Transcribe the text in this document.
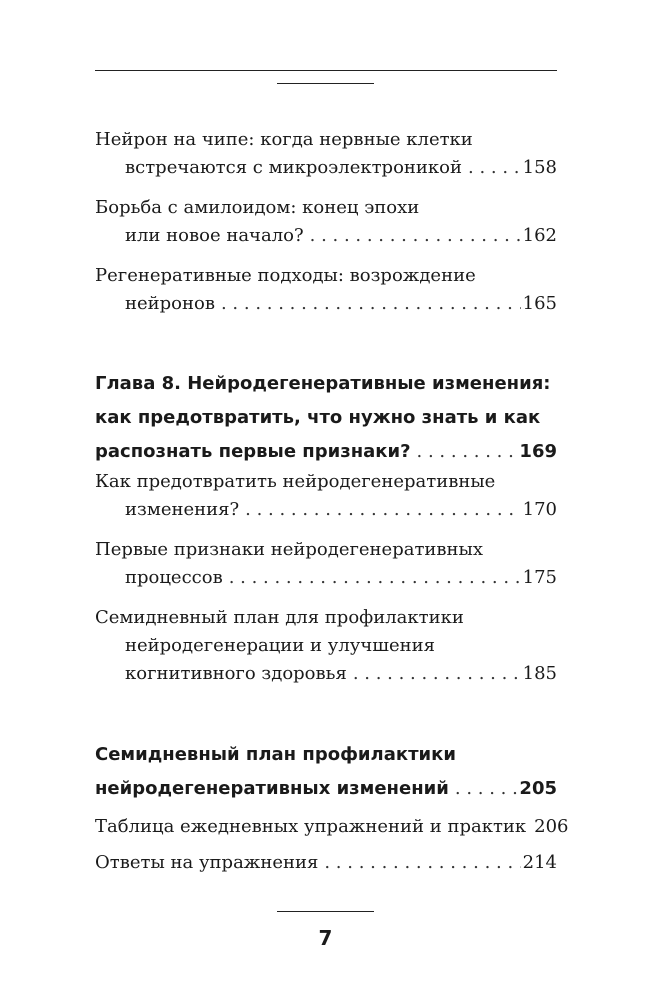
Нейрон на чипе: когда нервные клетки
встречаются с микроэлектроникой . . .	158
Борьба с амилоидом: конец эпохи
или новое начало? . . .	162
Регенеративные подходы: возрождение
нейронов . . .	165
Глава 8. Нейродегенеративные изменения:
как предотвратить, что нужно знать и как
распознать первые признаки? . . .	169
Как предотвратить нейродегенеративные
изменения? . . .	170
Первые признаки нейродегенеративных
процессов . . .	175
Семидневный план для профилактики
нейродегенерации и улучшения
когнитивного здоровья . . .	185
Семидневный план профилактики
нейродегенеративных изменений . . .	205
Таблица ежедневных упражнений и практик 206
Ответы на упражнения . . .	214
7
